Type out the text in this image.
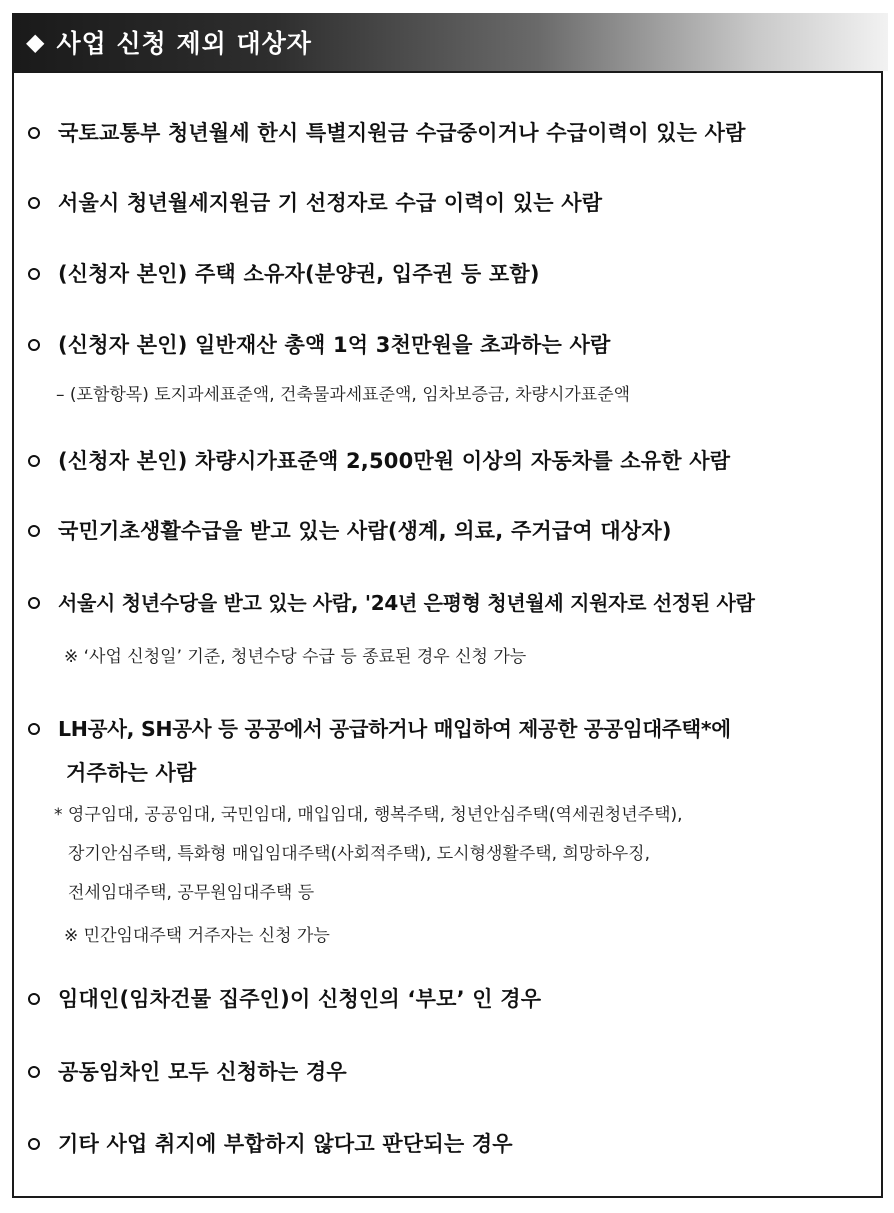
◆ 사업 신청 제외 대상자
국토교통부 청년월세 한시 특별지원금 수급중이거나 수급이력이 있는 사람
서울시 청년월세지원금 기 선정자로 수급 이력이 있는 사람
(신청자 본인) 주택 소유자(분양권, 입주권 등 포함)
(신청자 본인) 일반재산 총액 1억 3천만원을 초과하는 사람
– (포함항목) 토지과세표준액, 건축물과세표준액, 임차보증금, 차량시가표준액
(신청자 본인) 차량시가표준액 2,500만원 이상의 자동차를 소유한 사람
국민기초생활수급을 받고 있는 사람(생계, 의료, 주거급여 대상자)
서울시 청년수당을 받고 있는 사람, '24년 은평형 청년월세 지원자로 선정된 사람
※ ‘사업 신청일’ 기준, 청년수당 수급 등 종료된 경우 신청 가능
LH공사, SH공사 등 공공에서 공급하거나 매입하여 제공한 공공임대주택*에
거주하는 사람
* 영구임대, 공공임대, 국민임대, 매입임대, 행복주택, 청년안심주택(역세권청년주택),
장기안심주택, 특화형 매입임대주택(사회적주택), 도시형생활주택, 희망하우징,
전세임대주택, 공무원임대주택 등
※ 민간임대주택 거주자는 신청 가능
임대인(임차건물 집주인)이 신청인의 ‘부모’ 인 경우
공동임차인 모두 신청하는 경우
기타 사업 취지에 부합하지 않다고 판단되는 경우
